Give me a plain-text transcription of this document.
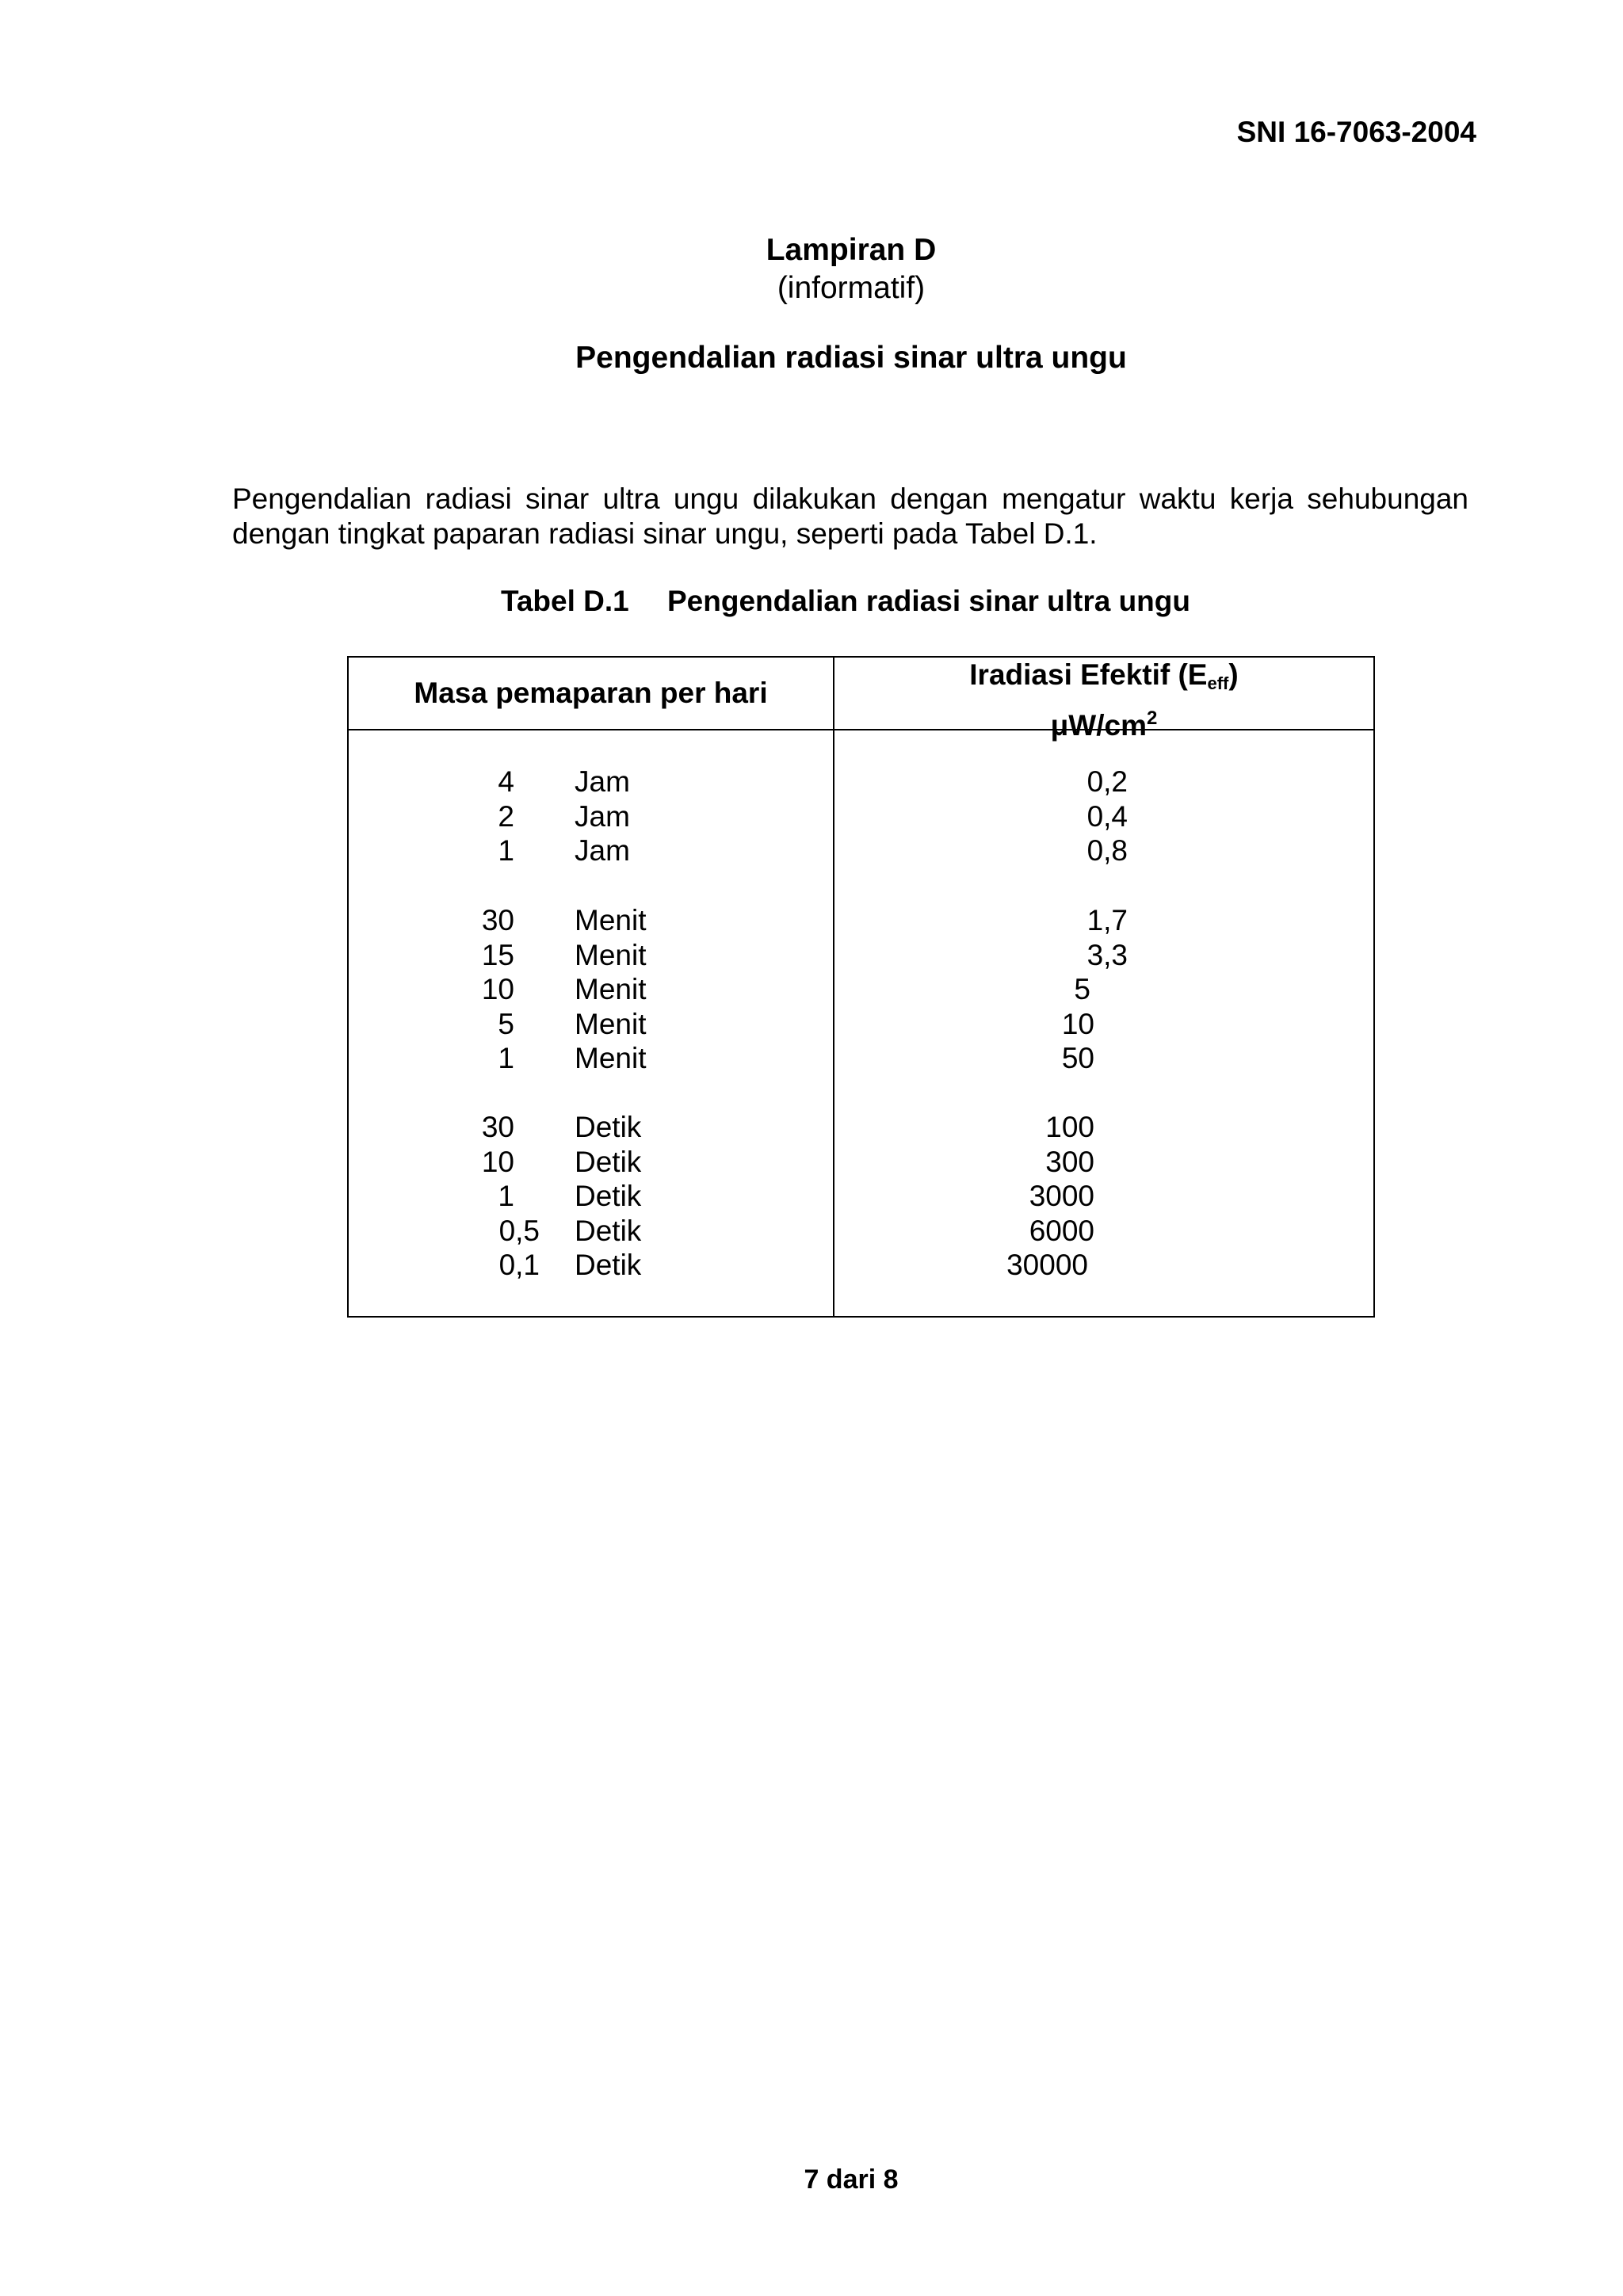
SNI 16-7063-2004
Lampiran D
(informatif)
Pengendalian radiasi sinar ultra ungu
Pengendalian radiasi sinar ultra ungu dilakukan dengan mengatur waktu kerja sehubungan
dengan tingkat paparan radiasi sinar ungu, seperti pada Tabel D.1.
Tabel D.1 Pengendalian radiasi sinar ultra ungu
Masa pemaparan per hari
Iradiasi Efektif $(E_{eff})$
$\mu W/cm^2$
4 Jam	0,2
2 Jam	0,4
1 Jam	0,8
30 Menit	1,7
15 Menit	3,3
10 Menit	5
5 Menit	10
1 Menit	50
30 Detik	100
10 Detik	300
1 Detik	3000
0,5 Detik	6000
0,1 Detik	30000
7 dari 8
